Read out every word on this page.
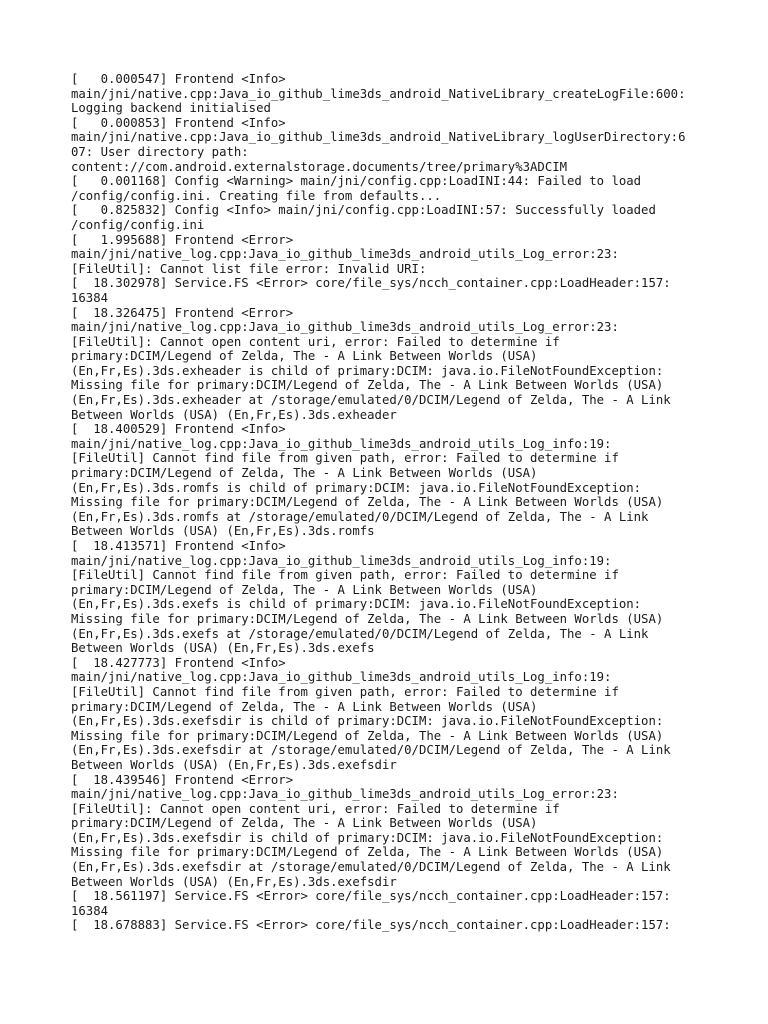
[   0.000547] Frontend <Info>

main/jni/native.cpp:Java_io_github_lime3ds_android_NativeLibrary_createLogFile:600:

Logging backend initialised

[   0.000853] Frontend <Info>

main/jni/native.cpp:Java_io_github_lime3ds_android_NativeLibrary_logUserDirectory:6

07: User directory path:

content://com.android.externalstorage.documents/tree/primary%3ADCIM

[   0.001168] Config <Warning> main/jni/config.cpp:LoadINI:44: Failed to load

/config/config.ini. Creating file from defaults...

[   0.825832] Config <Info> main/jni/config.cpp:LoadINI:57: Successfully loaded

/config/config.ini

[   1.995688] Frontend <Error>

main/jni/native_log.cpp:Java_io_github_lime3ds_android_utils_Log_error:23:

[FileUtil]: Cannot list file error: Invalid URI:

[  18.302978] Service.FS <Error> core/file_sys/ncch_container.cpp:LoadHeader:157:

16384

[  18.326475] Frontend <Error>

main/jni/native_log.cpp:Java_io_github_lime3ds_android_utils_Log_error:23:

[FileUtil]: Cannot open content uri, error: Failed to determine if

primary:DCIM/Legend of Zelda, The - A Link Between Worlds (USA)

(En,Fr,Es).3ds.exheader is child of primary:DCIM: java.io.FileNotFoundException:

Missing file for primary:DCIM/Legend of Zelda, The - A Link Between Worlds (USA)

(En,Fr,Es).3ds.exheader at /storage/emulated/0/DCIM/Legend of Zelda, The - A Link

Between Worlds (USA) (En,Fr,Es).3ds.exheader

[  18.400529] Frontend <Info>

main/jni/native_log.cpp:Java_io_github_lime3ds_android_utils_Log_info:19:

[FileUtil] Cannot find file from given path, error: Failed to determine if

primary:DCIM/Legend of Zelda, The - A Link Between Worlds (USA)

(En,Fr,Es).3ds.romfs is child of primary:DCIM: java.io.FileNotFoundException:

Missing file for primary:DCIM/Legend of Zelda, The - A Link Between Worlds (USA)

(En,Fr,Es).3ds.romfs at /storage/emulated/0/DCIM/Legend of Zelda, The - A Link

Between Worlds (USA) (En,Fr,Es).3ds.romfs

[  18.413571] Frontend <Info>

main/jni/native_log.cpp:Java_io_github_lime3ds_android_utils_Log_info:19:

[FileUtil] Cannot find file from given path, error: Failed to determine if

primary:DCIM/Legend of Zelda, The - A Link Between Worlds (USA)

(En,Fr,Es).3ds.exefs is child of primary:DCIM: java.io.FileNotFoundException:

Missing file for primary:DCIM/Legend of Zelda, The - A Link Between Worlds (USA)

(En,Fr,Es).3ds.exefs at /storage/emulated/0/DCIM/Legend of Zelda, The - A Link

Between Worlds (USA) (En,Fr,Es).3ds.exefs

[  18.427773] Frontend <Info>

main/jni/native_log.cpp:Java_io_github_lime3ds_android_utils_Log_info:19:

[FileUtil] Cannot find file from given path, error: Failed to determine if

primary:DCIM/Legend of Zelda, The - A Link Between Worlds (USA)

(En,Fr,Es).3ds.exefsdir is child of primary:DCIM: java.io.FileNotFoundException:

Missing file for primary:DCIM/Legend of Zelda, The - A Link Between Worlds (USA)

(En,Fr,Es).3ds.exefsdir at /storage/emulated/0/DCIM/Legend of Zelda, The - A Link

Between Worlds (USA) (En,Fr,Es).3ds.exefsdir

[  18.439546] Frontend <Error>

main/jni/native_log.cpp:Java_io_github_lime3ds_android_utils_Log_error:23:

[FileUtil]: Cannot open content uri, error: Failed to determine if

primary:DCIM/Legend of Zelda, The - A Link Between Worlds (USA)

(En,Fr,Es).3ds.exefsdir is child of primary:DCIM: java.io.FileNotFoundException:

Missing file for primary:DCIM/Legend of Zelda, The - A Link Between Worlds (USA)

(En,Fr,Es).3ds.exefsdir at /storage/emulated/0/DCIM/Legend of Zelda, The - A Link

Between Worlds (USA) (En,Fr,Es).3ds.exefsdir

[  18.561197] Service.FS <Error> core/file_sys/ncch_container.cpp:LoadHeader:157:

16384

[  18.678883] Service.FS <Error> core/file_sys/ncch_container.cpp:LoadHeader:157:
